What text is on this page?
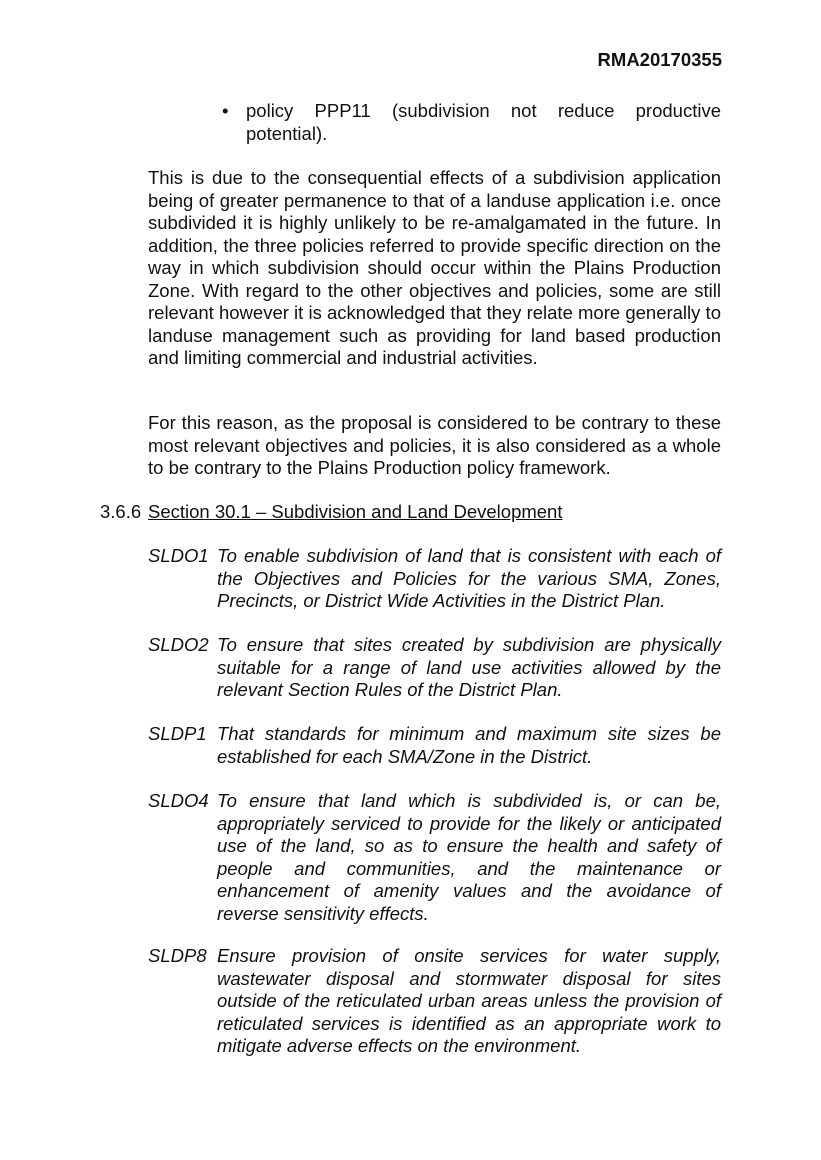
RMA20170355
• policy PPP11 (subdivision not reduce productive potential).
This is due to the consequential effects of a subdivision application being of greater permanence to that of a landuse application i.e. once subdivided it is highly unlikely to be re-amalgamated in the future. In addition, the three policies referred to provide specific direction on the way in which subdivision should occur within the Plains Production Zone. With regard to the other objectives and policies, some are still relevant however it is acknowledged that they relate more generally to landuse management such as providing for land based production and limiting commercial and industrial activities.
For this reason, as the proposal is considered to be contrary to these most relevant objectives and policies, it is also considered as a whole to be contrary to the Plains Production policy framework.
3.6.6 Section 30.1 – Subdivision and Land Development
SLDO1 To enable subdivision of land that is consistent with each of the Objectives and Policies for the various SMA, Zones, Precincts, or District Wide Activities in the District Plan.
SLDO2 To ensure that sites created by subdivision are physically suitable for a range of land use activities allowed by the relevant Section Rules of the District Plan.
SLDP1 That standards for minimum and maximum site sizes be established for each SMA/Zone in the District.
SLDO4 To ensure that land which is subdivided is, or can be, appropriately serviced to provide for the likely or anticipated use of the land, so as to ensure the health and safety of people and communities, and the maintenance or enhancement of amenity values and the avoidance of reverse sensitivity effects.
SLDP8 Ensure provision of onsite services for water supply, wastewater disposal and stormwater disposal for sites outside of the reticulated urban areas unless the provision of reticulated services is identified as an appropriate work to mitigate adverse effects on the environment.
